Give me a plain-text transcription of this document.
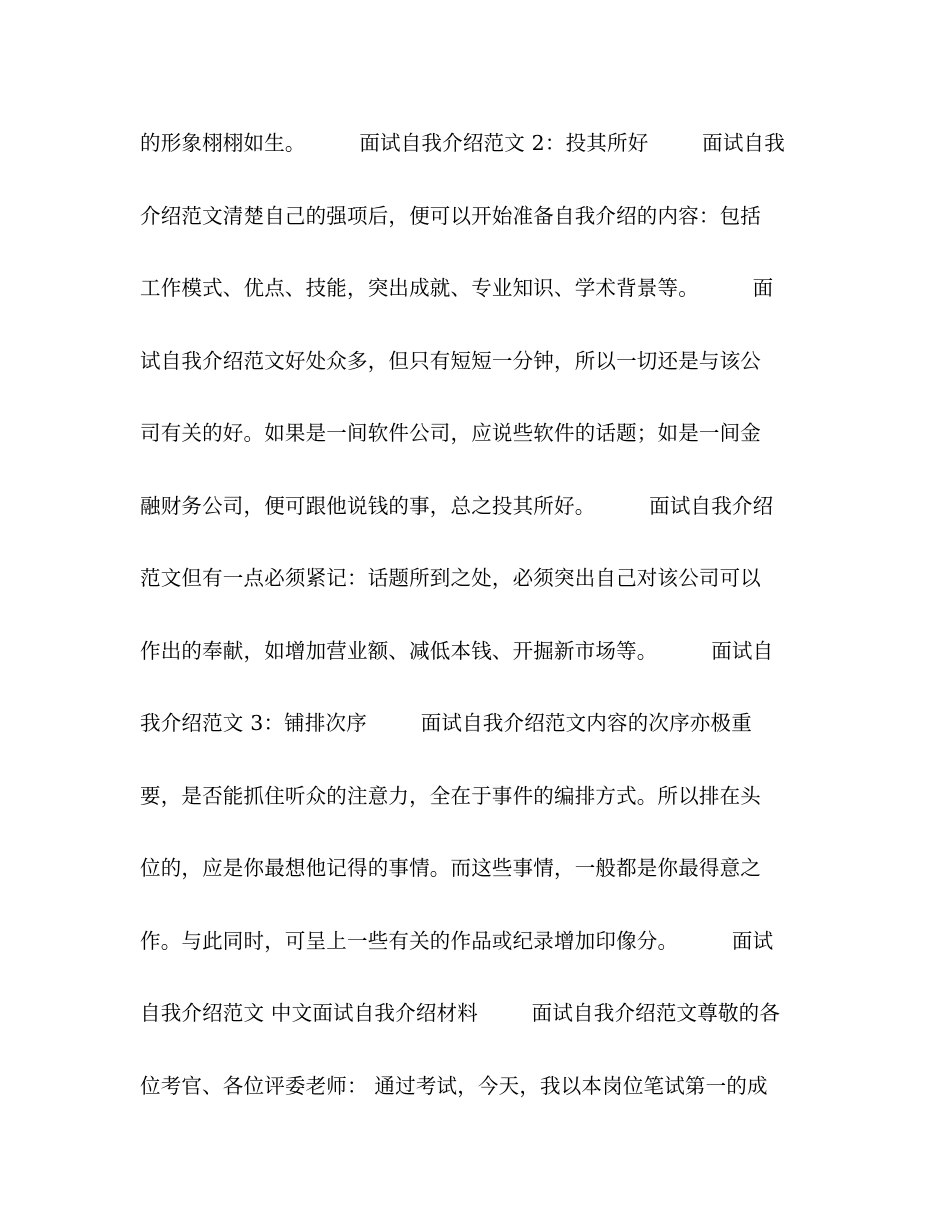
的形象栩栩如生。        面试自我介绍范文 2：投其所好        面试自我
介绍范文清楚自己的强项后，便可以开始准备自我介绍的内容：包括
工作模式、优点、技能，突出成就、专业知识、学术背景等。        面
试自我介绍范文好处众多，但只有短短一分钟，所以一切还是与该公
司有关的好。如果是一间软件公司，应说些软件的话题；如是一间金
融财务公司，便可跟他说钱的事，总之投其所好。        面试自我介绍
范文但有一点必须紧记：话题所到之处，必须突出自己对该公司可以
作出的奉献，如增加营业额、减低本钱、开掘新市场等。        面试自
我介绍范文 3：铺排次序        面试自我介绍范文内容的次序亦极重
要，是否能抓住听众的注意力，全在于事件的编排方式。所以排在头
位的，应是你最想他记得的事情。而这些事情，一般都是你最得意之
作。与此同时，可呈上一些有关的作品或纪录增加印像分。        面试
自我介绍范文 中文面试自我介绍材料        面试自我介绍范文尊敬的各
位考官、各位评委老师： 通过考试，今天，我以本岗位笔试第一的成
